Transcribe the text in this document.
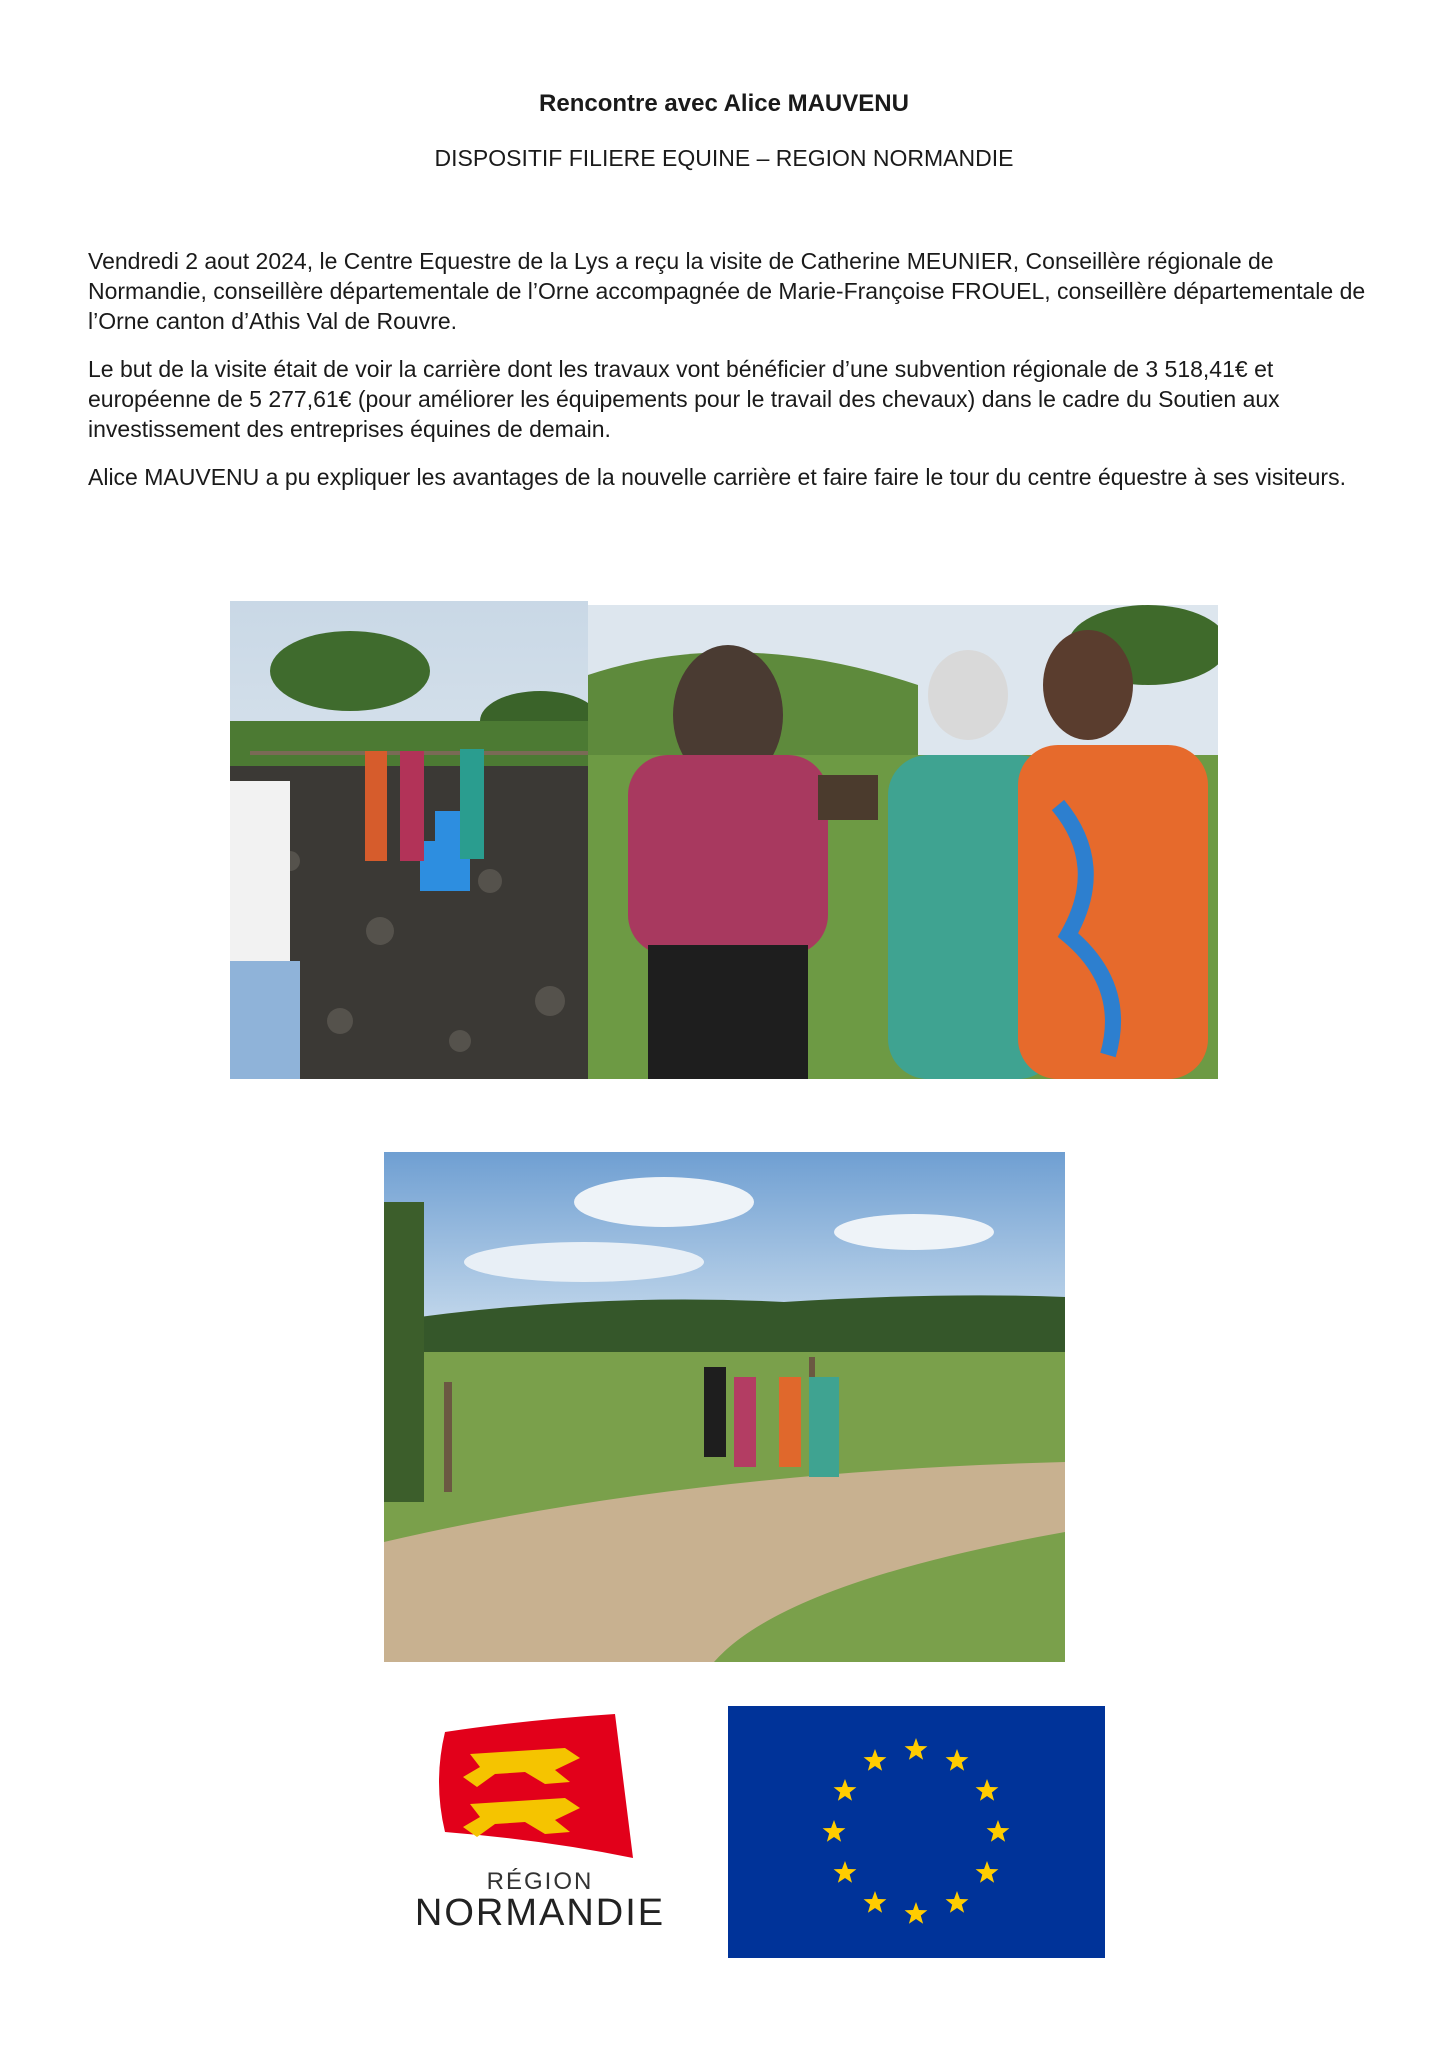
Rencontre avec Alice MAUVENU
DISPOSITIF FILIERE EQUINE – REGION NORMANDIE

Vendredi 2 aout 2024, le Centre Equestre de la Lys a reçu la visite de Catherine MEUNIER, Conseillère régionale de Normandie, conseillère départementale de l’Orne accompagnée de Marie-Françoise FROUEL, conseillère départementale de l’Orne canton d’Athis Val de Rouvre.

Le but de la visite était de voir la carrière dont les travaux vont bénéficier d’une subvention régionale de 3 518,41€ et européenne de 5 277,61€ (pour améliorer les équipements pour le travail des chevaux) dans le cadre du Soutien aux investissement des entreprises équines de demain.

Alice MAUVENU a pu expliquer les avantages de la nouvelle carrière et faire faire le tour du centre équestre à ses visiteurs.

RÉGION
NORMANDIE
